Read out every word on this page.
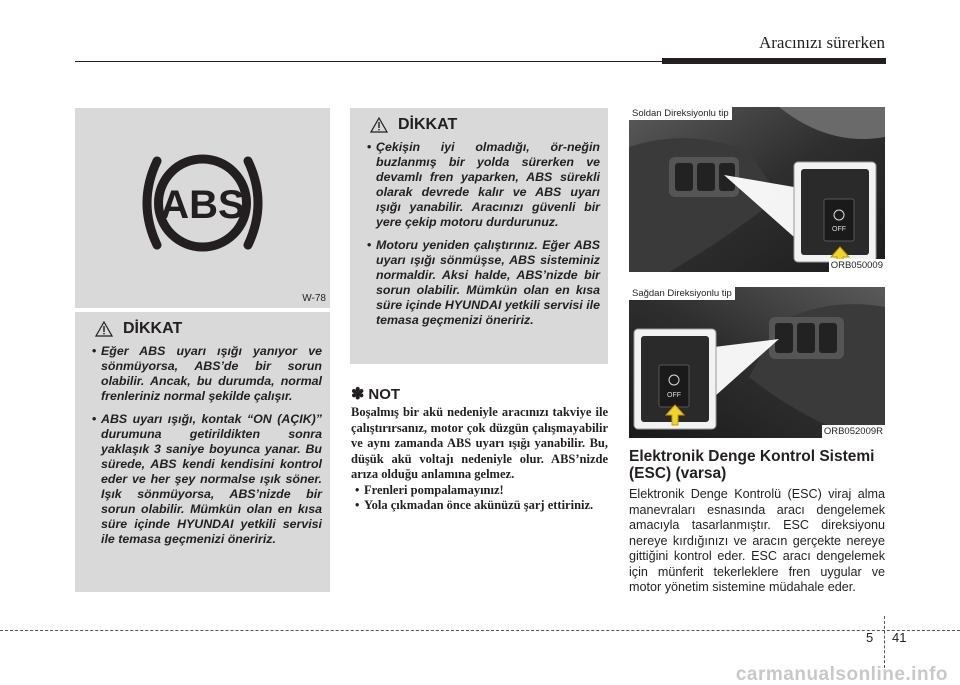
Aracınızı sürerken
ABS
W-78
DİKKAT
• Eğer ABS uyarı ışığı yanıyor ve sönmüyorsa, ABS’de bir sorun olabilir. Ancak, bu durumda, normal frenleriniz normal şekilde çalışır.
• ABS uyarı ışığı, kontak “ON (AÇIK)” durumuna getirildikten sonra yaklaşık 3 saniye boyunca yanar. Bu sürede, ABS kendi kendisini kontrol eder ve her şey normalse ışık söner. Işık sönmüyorsa, ABS’nizde bir sorun olabilir. Mümkün olan en kısa süre içinde HYUNDAI yetkili servisi ile temasa geçmenizi öneririz.
DİKKAT
• Çekişin iyi olmadığı, ör-neğin buzlanmış bir yolda sürerken ve devamlı fren yaparken, ABS sürekli olarak devrede kalır ve ABS uyarı ışığı yanabilir. Aracınızı güvenli bir yere çekip motoru durdurunuz.
• Motoru yeniden çalıştırınız. Eğer ABS uyarı ışığı sönmüşse, ABS sisteminiz normaldir. Aksi halde, ABS’nizde bir sorun olabilir. Mümkün olan en kısa süre içinde HYUNDAI yetkili servisi ile temasa geçmenizi öneririz.
✽ NOT

Boşalmış bir akü nedeniyle aracınızı takviye ile çalıştırırsanız, motor çok düzgün çalışmayabilir ve aynı zamanda ABS uyarı ışığı yanabilir. Bu, düşük akü voltajı nedeniyle olur. ABS’nizde arıza olduğu anlamına gelmez.

• Frenleri pompalamayınız!
• Yola çıkmadan önce akünüzü şarj ettiriniz.
OFF
Soldan Direksiyonlu tip
ORB050009
OFF
Sağdan Direksiyonlu tip
ORB052009R
Elektronik Denge Kontrol Sistemi (ESC) (varsa)
Elektronik Denge Kontrolü (ESC) viraj alma manevraları esnasında aracı dengelemek amacıyla tasarlanmıştır. ESC direksiyonu nereye kırdığınızı ve aracın gerçekte nereye gittiğini kontrol eder. ESC aracı dengelemek için münferit tekerleklere fren uygular ve motor yönetim sistemine müdahale eder.
5 41
carmanualsonline.info
